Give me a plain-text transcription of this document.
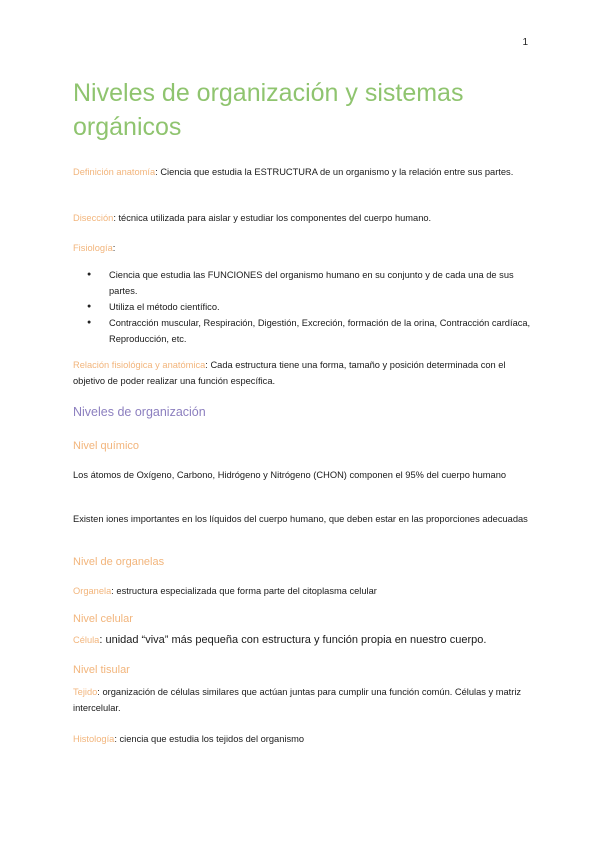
1
Niveles de organización y sistemas orgánicos

Definición anatomía: Ciencia que estudia la ESTRUCTURA de un organismo y la relación entre sus partes.

Disección: técnica utilizada para aislar y estudiar los componentes del cuerpo humano.

Fisiología:

● Ciencia que estudia las FUNCIONES del organismo humano en su conjunto y de cada una de sus partes.
● Utiliza el método científico.
● Contracción muscular, Respiración, Digestión, Excreción, formación de la orina, Contracción cardíaca, Reproducción, etc.

Relación fisiológica y anatómica: Cada estructura tiene una forma, tamaño y posición determinada con el objetivo de poder realizar una función específica.

Niveles de organización
Nivel químico

Los átomos de Oxígeno, Carbono, Hidrógeno y Nitrógeno (CHON) componen el 95% del cuerpo humano

Existen iones importantes en los líquidos del cuerpo humano, que deben estar en las proporciones adecuadas

Nivel de organelas

Organela: estructura especializada que forma parte del citoplasma celular

Nivel celular

Célula: unidad “viva” más pequeña con estructura y función propia en nuestro cuerpo.

Nivel tisular

Tejido: organización de células similares que actúan juntas para cumplir una función común. Células y matriz intercelular.

Histología: ciencia que estudia los tejidos del organismo
